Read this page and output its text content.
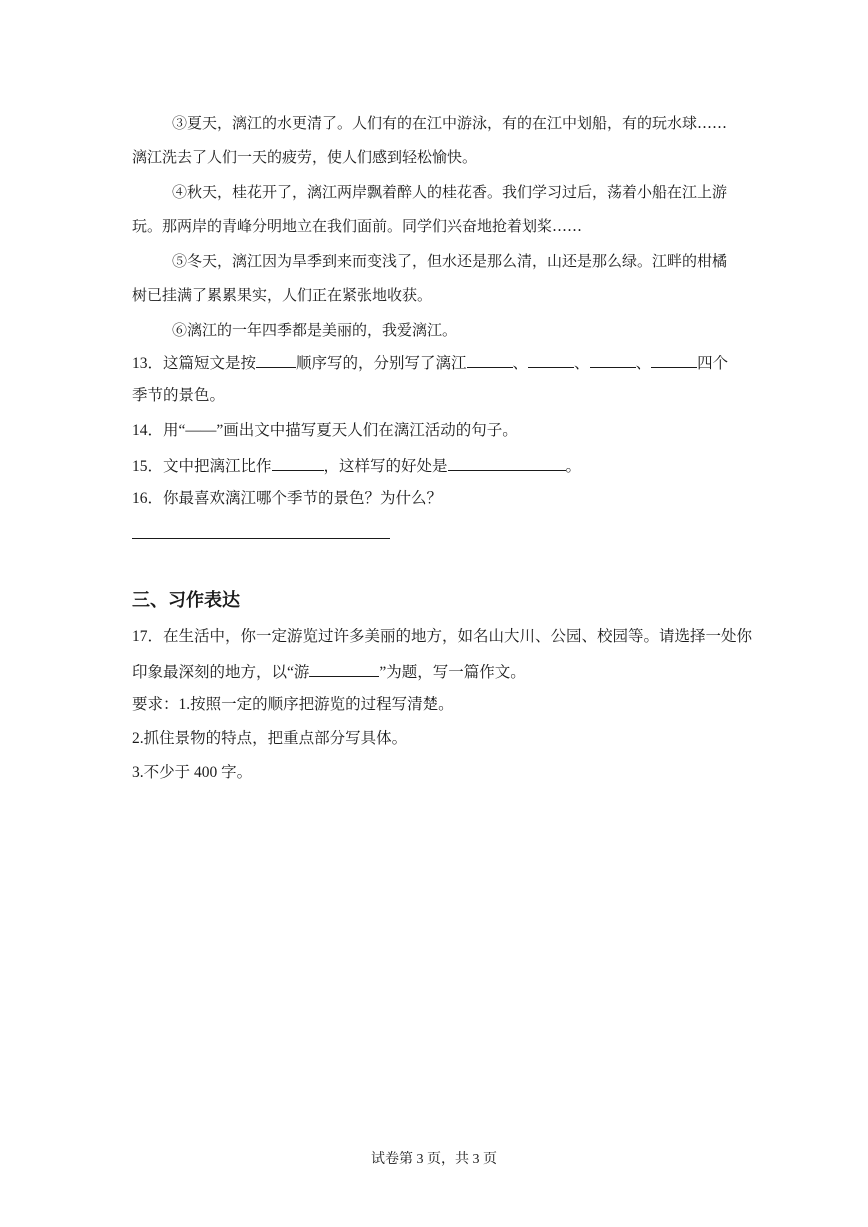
③夏天，漓江的水更清了。人们有的在江中游泳，有的在江中划船，有的玩水球……
漓江洗去了人们一天的疲劳，使人们感到轻松愉快。
④秋天，桂花开了，漓江两岸飘着醉人的桂花香。我们学习过后，荡着小船在江上游
玩。那两岸的青峰分明地立在我们面前。同学们兴奋地抢着划桨……
⑤冬天，漓江因为旱季到来而变浅了，但水还是那么清，山还是那么绿。江畔的柑橘
树已挂满了累累果实，人们正在紧张地收获。
⑥漓江的一年四季都是美丽的，我爱漓江。
13．这篇短文是按	顺序写的，分别写了漓江	、	、	、	四个
季节的景色。
14．用“——”画出文中描写夏天人们在漓江活动的句子。
15．文中把漓江比作	，这样写的好处是	。
16．你最喜欢漓江哪个季节的景色？为什么？
三、习作表达
17．在生活中，你一定游览过许多美丽的地方，如名山大川、公园、校园等。请选择一处你
印象最深刻的地方，以“游	”为题，写一篇作文。
要求：1.按照一定的顺序把游览的过程写清楚。
2.抓住景物的特点，把重点部分写具体。
3.不少于 400 字。
试卷第 3 页，共 3 页
